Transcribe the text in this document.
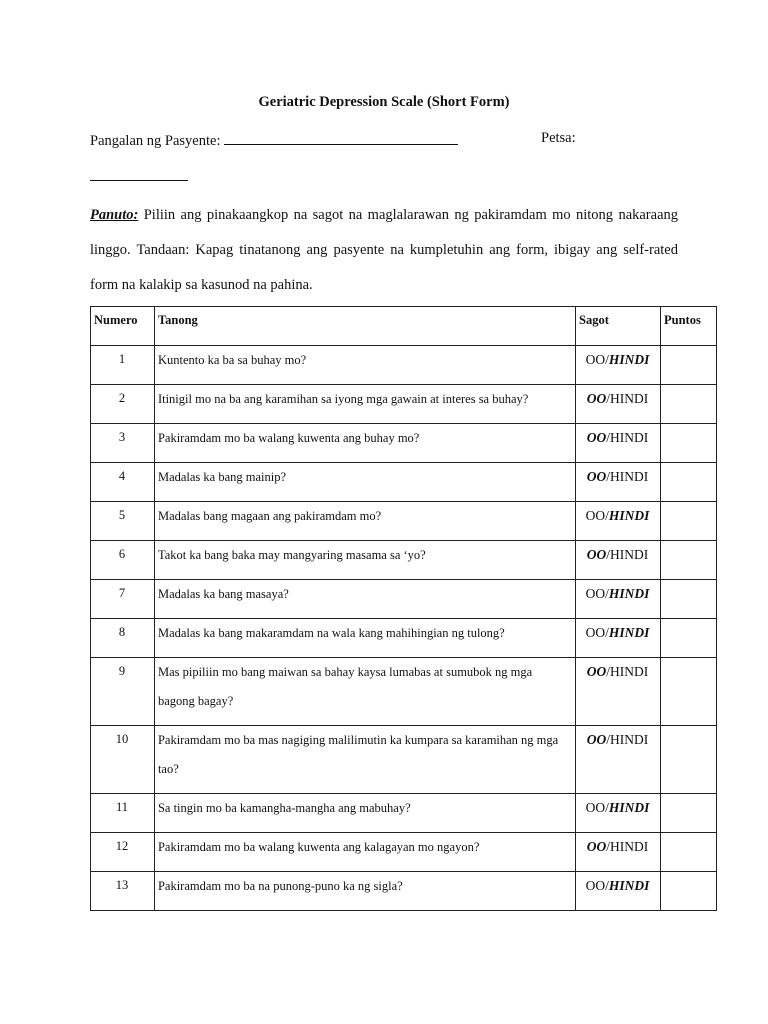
Geriatric Depression Scale (Short Form)
Pangalan ng Pasyente:	Petsa:
Panuto: Piliin ang pinakaangkop na sagot na maglalarawan ng pakiramdam mo nitong nakaraang linggo. Tandaan: Kapag tinatanong ang pasyente na kumpletuhin ang form, ibigay ang self-rated form na kalakip sa kasunod na pahina.
Numero	Tanong	Sagot	Puntos
1	Kuntento ka ba sa buhay mo?	OO/HINDI	
2	Itinigil mo na ba ang karamihan sa iyong mga gawain at interes sa buhay?	OO/HINDI	
3	Pakiramdam mo ba walang kuwenta ang buhay mo?	OO/HINDI	
4	Madalas ka bang mainip?	OO/HINDI	
5	Madalas bang magaan ang pakiramdam mo?	OO/HINDI	
6	Takot ka bang baka may mangyaring masama sa ‘yo?	OO/HINDI	
7	Madalas ka bang masaya?	OO/HINDI	
8	Madalas ka bang makaramdam na wala kang mahihingian ng tulong?	OO/HINDI	
9	Mas pipiliin mo bang maiwan sa bahay kaysa lumabas at sumubok ng mga bagong bagay?	OO/HINDI	
10	Pakiramdam mo ba mas nagiging malilimutin ka kumpara sa karamihan ng mga tao?	OO/HINDI	
11	Sa tingin mo ba kamangha-mangha ang mabuhay?	OO/HINDI	
12	Pakiramdam mo ba walang kuwenta ang kalagayan mo ngayon?	OO/HINDI	
13	Pakiramdam mo ba na punong-puno ka ng sigla?	OO/HINDI	
